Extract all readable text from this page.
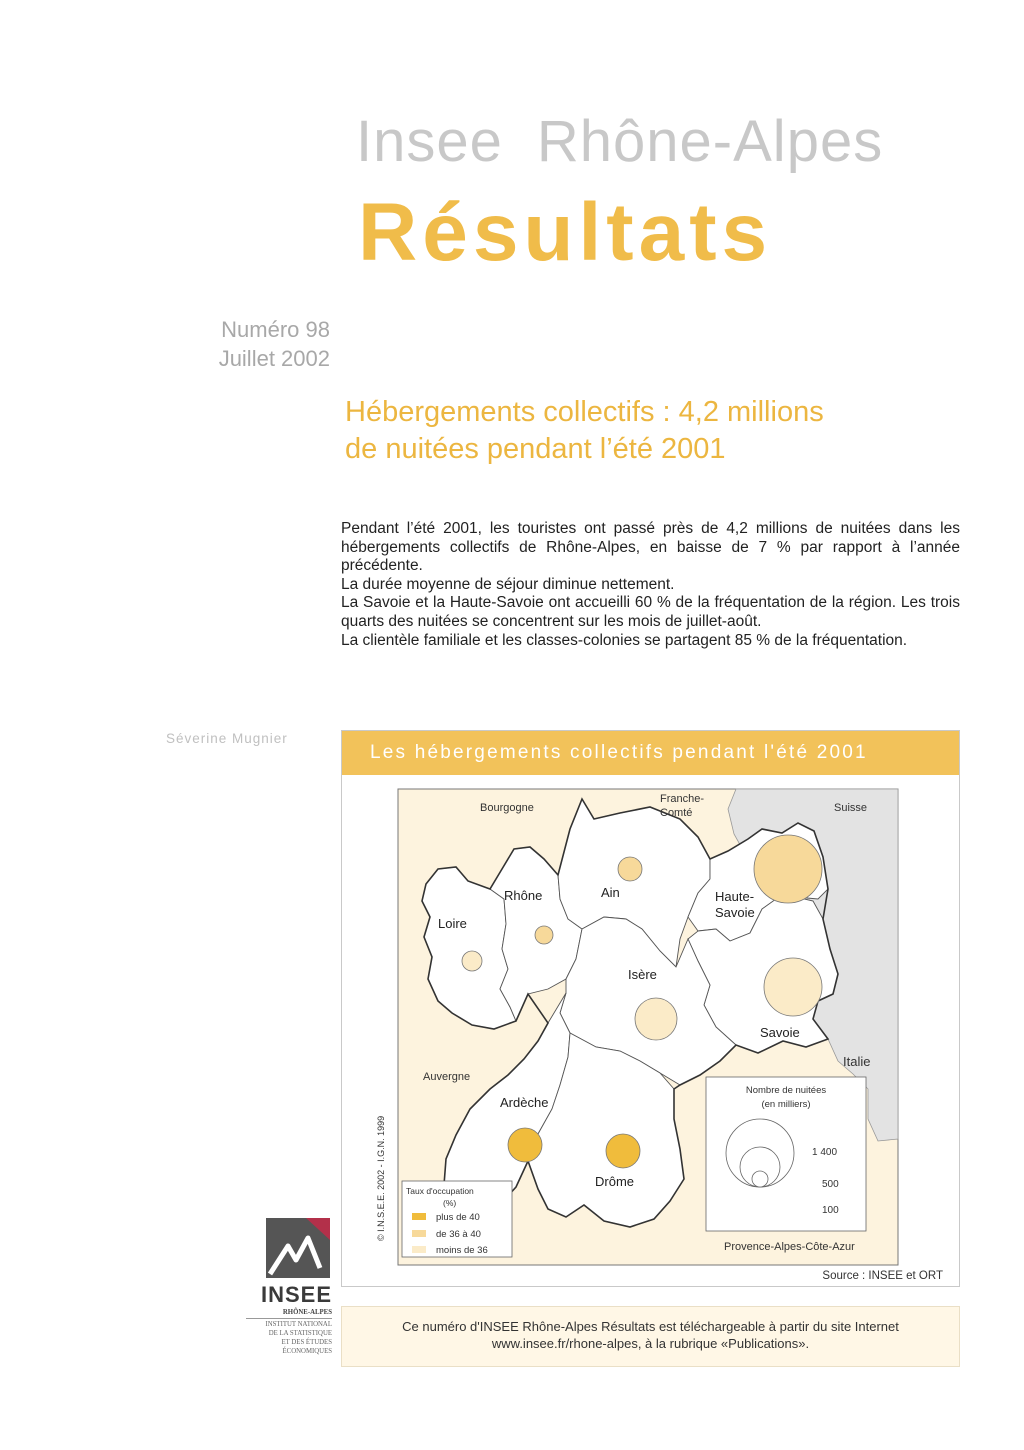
Insee Rhône-Alpes
Résultats
Numéro 98
Juillet 2002
Hébergements collectifs : 4,2 millions
de nuitées pendant l’été 2001

Pendant l’été 2001, les touristes ont passé près de 4,2 millions de nuitées dans les hébergements collectifs de Rhône-Alpes, en baisse de 7 % par rapport à l’année précédente.

La durée moyenne de séjour diminue nettement.

La Savoie et la Haute-Savoie ont accueilli 60 % de la fréquentation de la région. Les trois quarts des nuitées se concentrent sur les mois de juillet-août.

La clientèle familiale et les classes-colonies se partagent 85 % de la fréquentation.

Séverine Mugnier
Les hébergements collectifs pendant l'été 2001
Bourgogne
Franche-
Comté	Suisse
Italie
Auvergne
Provence-Alpes-Côte-Azur
Rhône	Ain	Haute-
Savoie
Loire
Isère
Savoie
Ardèche
Drôme
© I.N.S.E.E. 2002 - I.G.N. 1999
Nombre de nuitées
(en milliers)
1 400
500
100
Taux d'occupation
(%)
plus de 40
de 36 à 40
moins de 36
Source : INSEE et ORT
Ce numéro d'INSEE Rhône-Alpes Résultats est téléchargeable à partir du site Internet
www.insee.fr/rhone-alpes, à la rubrique «Publications».
INSEE
RHÔNE-ALPES
INSTITUT NATIONAL
DE LA STATISTIQUE
ET DES ÉTUDES
ÉCONOMIQUES
